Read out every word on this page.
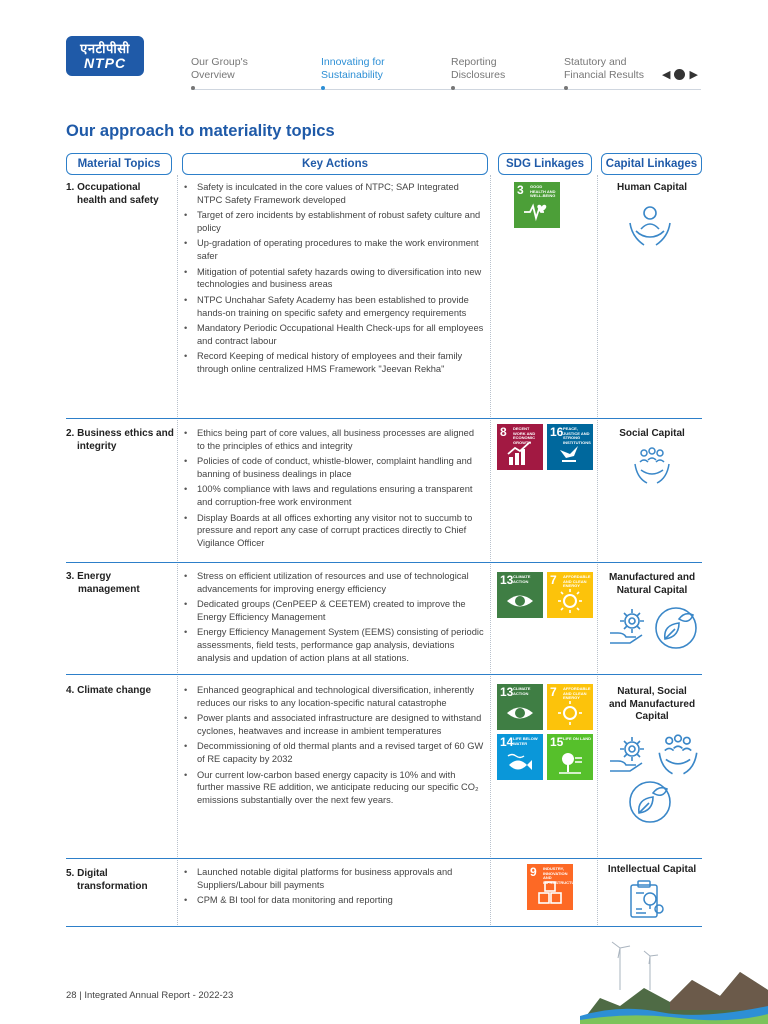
एनटीपीसी
NTPC	Our Group's
Overview
Innovating for
Sustainability
Reporting
Disclosures
Statutory and
Financial Results ◀ ▶
Our approach to materiality topics
Material Topics	Key Actions	SDG Linkages	Capital Linkages
1. Occupational
health and safety
• Safety is inculcated in the core values of NTPC; SAP Integrated NTPC Safety Framework developed
• Target of zero incidents by establishment of robust safety culture and policy
• Up-gradation of operating procedures to make the work environment safer
• Mitigation of potential safety hazards owing to diversification into new technologies and business areas
• NTPC Unchahar Safety Academy has been established to provide hands-on training on specific safety and emergency requirements
• Mandatory Periodic Occupational Health Check-ups for all employees and contract labour
• Record Keeping of medical history of employees and their family through online centralized HMS Framework "Jeevan Rekha"
Human Capital
2. Business ethics and
integrity
• Ethics being part of core values, all business processes are aligned to the principles of ethics and integrity
• Policies of code of conduct, whistle-blower, complaint handling and banning of business dealings in place
• 100% compliance with laws and regulations ensuring a transparent and corruption-free work environment
• Display Boards at all offices exhorting any visitor not to succumb to pressure and report any case of corrupt practices directly to Chief Vigilance Officer
Social Capital
3. Energy
management
• Stress on efficient utilization of resources and use of technological advancements for improving energy efficiency
• Dedicated groups (CenPEEP & CEETEM) created to improve the Energy Efficiency Management
• Energy Efficiency Management System (EEMS) consisting of periodic assessments, field tests, performance gap analysis, deviations analysis and updation of action plans at all stations.
Manufactured and
Natural Capital
4. Climate change
•	Enhanced geographical and technological diversification, inherently reduces our risks to any location-specific natural catastrophe
• Power plants and associated infrastructure are designed to withstand cyclones, heatwaves and increase in ambient temperatures
• Decommissioning of old thermal plants and a revised target of 60 GW of RE capacity by 2032
• Our current low-carbon based energy capacity is 10% and with further massive RE addition, we anticipate reducing our specific CO₂ emissions substantially over the next few years.
Natural, Social
and Manufactured
Capital
5. Digital
transformation
• Launched notable digital platforms for business approvals and Suppliers/Labour bill payments
• CPM & BI tool for data monitoring and reporting
Intellectual Capital
3 GOOD HEALTH AND WELL-BEING
8 DECENT WORK AND ECONOMIC GROWTH
16 PEACE, JUSTICE AND STRONG INSTITUTIONS
13 CLIMATE ACTION	7 AFFORDABLE AND CLEAN ENERGY
13 CLIMATE ACTION	7 AFFORDABLE AND CLEAN ENERGY
14 LIFE BELOW WATER	15 LIFE ON LAND
9 INDUSTRY, INNOVATION AND INFRASTRUCTURE
28 | Integrated Annual Report - 2022-23
